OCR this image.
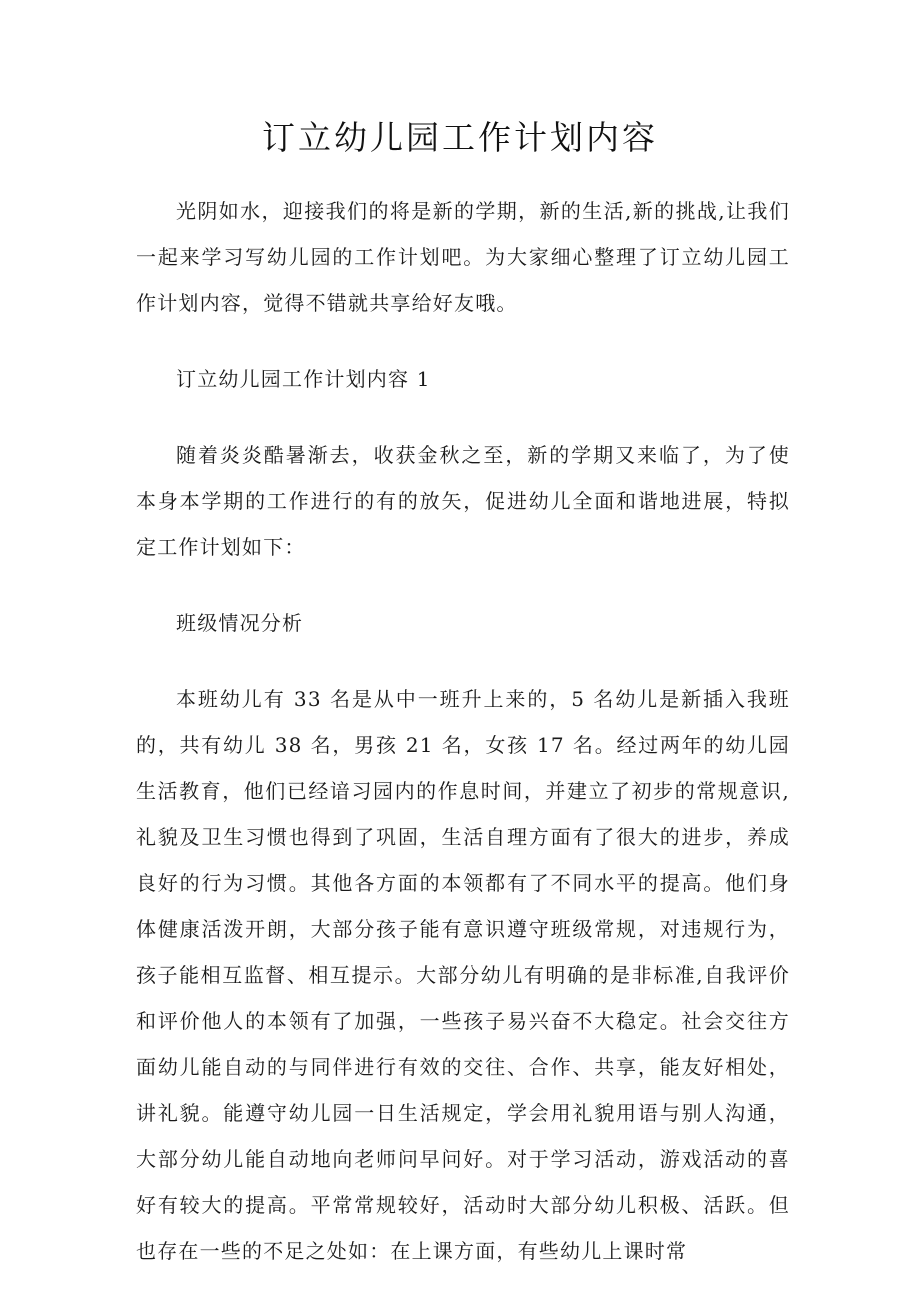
订立幼儿园工作计划内容

光阴如水，迎接我们的将是新的学期，新的生活,新的挑战,让我们一起来学习写幼儿园的工作计划吧。为大家细心整理了订立幼儿园工作计划内容，觉得不错就共享给好友哦。

订立幼儿园工作计划内容 1

随着炎炎酷暑渐去，收获金秋之至，新的学期又来临了，为了使本身本学期的工作进行的有的放矢，促进幼儿全面和谐地进展，特拟定工作计划如下：

班级情况分析

本班幼儿有 33 名是从中一班升上来的，5 名幼儿是新插入我班的，共有幼儿 38 名，男孩 21 名，女孩 17 名。经过两年的幼儿园生活教育，他们已经谙习园内的作息时间，并建立了初步的常规意识,礼貌及卫生习惯也得到了巩固，生活自理方面有了很大的进步，养成良好的行为习惯。其他各方面的本领都有了不同水平的提高。他们身体健康活泼开朗，大部分孩子能有意识遵守班级常规，对违规行为，孩子能相互监督、相互提示。大部分幼儿有明确的是非标准,自我评价和评价他人的本领有了加强，一些孩子易兴奋不大稳定。社会交往方面幼儿能自动的与同伴进行有效的交往、合作、共享，能友好相处，讲礼貌。能遵守幼儿园一日生活规定，学会用礼貌用语与别人沟通，大部分幼儿能自动地向老师问早问好。对于学习活动，游戏活动的喜好有较大的提高。平常常规较好，活动时大部分幼儿积极、活跃。但也存在一些的不足之处如：在上课方面，有些幼儿上课时常
